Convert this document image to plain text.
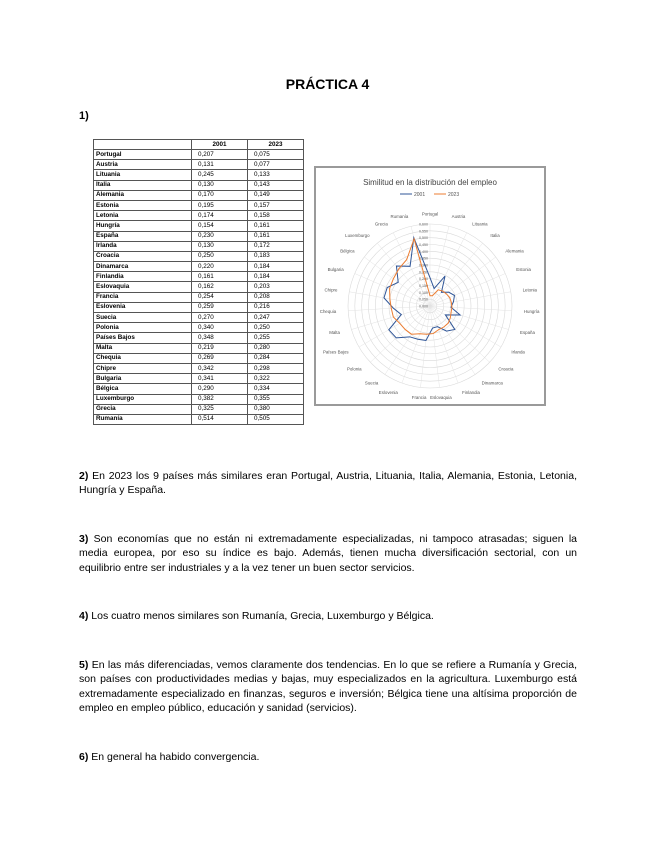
PRÁCTICA 4
1)
	2001	2023
Portugal	0,207	0,075
Austria	0,131	0,077
Lituania	0,245	0,133
Italia	0,130	0,143
Alemania	0,170	0,149
Estonia	0,195	0,157
Letonia	0,174	0,158
Hungría	0,154	0,161
España	0,230	0,161
Irlanda	0,130	0,172
Croacia	0,250	0,183
Dinamarca	0,220	0,184
Finlandia	0,161	0,184
Eslovaquia	0,162	0,203
Francia	0,254	0,208
Eslovenia	0,259	0,216
Suecia	0,270	0,247
Polonia	0,340	0,250
Países Bajos	0,348	0,255
Malta	0,219	0,280
Chequia	0,269	0,284
Chipre	0,342	0,298
Bulgaria	0,341	0,322
Bélgica	0,290	0,334
Luxemburgo	0,382	0,355
Grecia	0,325	0,380
Rumanía	0,514	0,505
Similitud en la distribución del empleo
2001	2023
0,000
0,050
0,100
0,150
0,200
0,250
0,300
0,350
0,400
0,450
0,500
0,550
0,600
Portugal	Austria
Lituania
Italia
Alemania
Estonia
Letonia
Hungría
España
Irlanda
Croacia
Dinamarca
Finlandia
Eslovaquia
Francia
Eslovenia
Suecia
Polonia
Países Bajos
Malta
Chequia
Chipre
Bulgaria
Bélgica
Luxemburgo
Grecia
Rumanía
2) En 2023 los 9 países más similares eran Portugal, Austria, Lituania, Italia, Alemania, Estonia, Letonia, Hungría y España.
3) Son economías que no están ni extremadamente especializadas, ni tampoco atrasadas; siguen la media europea, por eso su índice es bajo. Además, tienen mucha diversificación sectorial, con un equilibrio entre ser industriales y a la vez tener un buen sector servicios.
4) Los cuatro menos similares son Rumanía, Grecia, Luxemburgo y Bélgica.
5) En las más diferenciadas, vemos claramente dos tendencias. En lo que se refiere a Rumanía y Grecia, son países con productividades medias y bajas, muy especializados en la agricultura. Luxemburgo está extremadamente especializado en finanzas, seguros e inversión; Bélgica tiene una altísima proporción de empleo en empleo público, educación y sanidad (servicios).
6) En general ha habido convergencia.
